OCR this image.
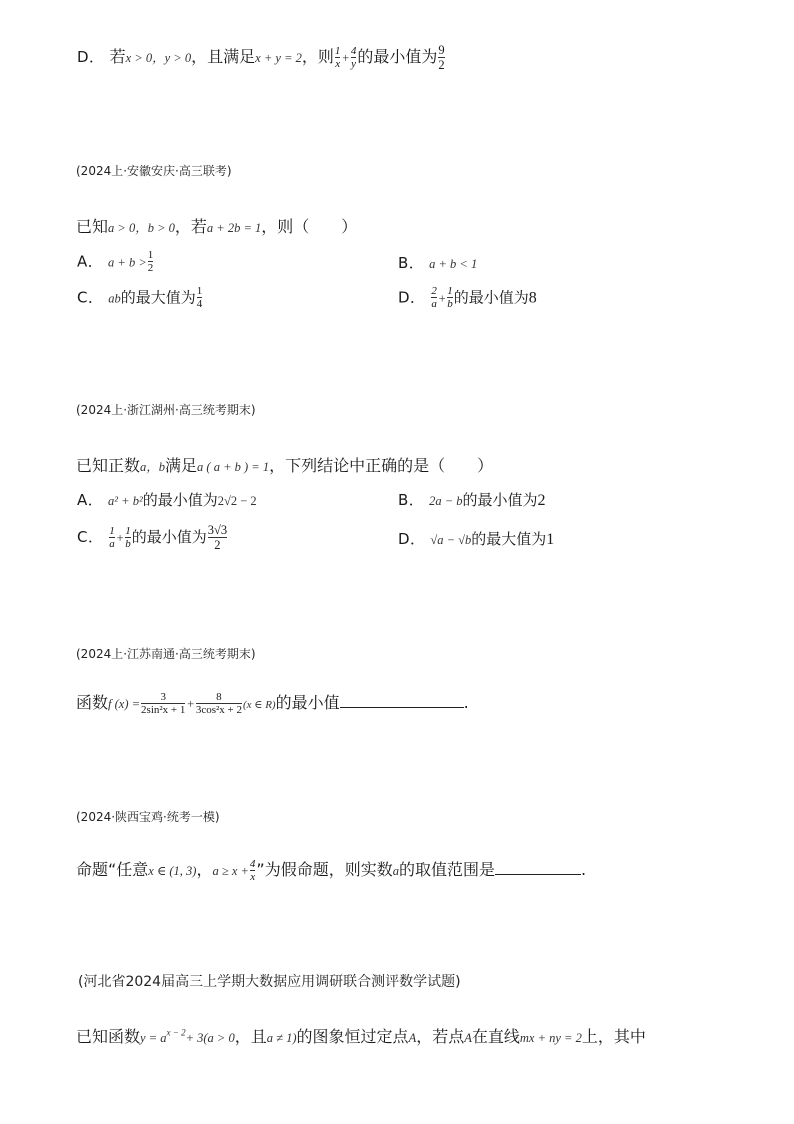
D． 若x > 0，y > 0，且满足x + y = 2，则 $\frac{1}{x} + \frac{4}{y}$ 的最小值为 $\frac{9}{2}$
(2024上·安徽安庆·高三联考)
已知a > 0，b > 0，若a + 2b = 1，则（　　）
A． $a + b > \frac{1}{2}$	B． a + b < 1
C． ab的最大值为 $\frac{1}{4}$	D． $\frac{2}{a} + \frac{1}{b}$ 的最小值为8
(2024上·浙江湖州·高三统考期末)
已知正数a，b满足a ( a + b ) = 1，下列结论中正确的是（　　）
A． a² + b²的最小值为2√2 − 2	B． 2a − b的最小值为2
C． $\frac{1}{a} + \frac{1}{b}$ 的最小值为 $\frac{3√3}{2}$	D． √a − √b的最大值为1
(2024上·江苏南通·高三统考期末)
函数f $(x) = \frac{3}{\text{2sin²x + 1}} + \frac{8}{\text{3cos²x + 2}} (x$ ∈ R)的最小值	.
(2024·陕西宝鸡·统考一模)
命题“任意x ∈ (1, 3)，$a \ge x + \frac{4}{x}$ ”为假命题，则实数a的取值范围是	.
(河北省2024届高三上学期大数据应用调研联合测评数学试题)
已知函数$y = a^{x - 2}+ 3(a > 0$，且a ≠ 1)的图象恒过定点A，若点A在直线mx + ny = 2上，其中
